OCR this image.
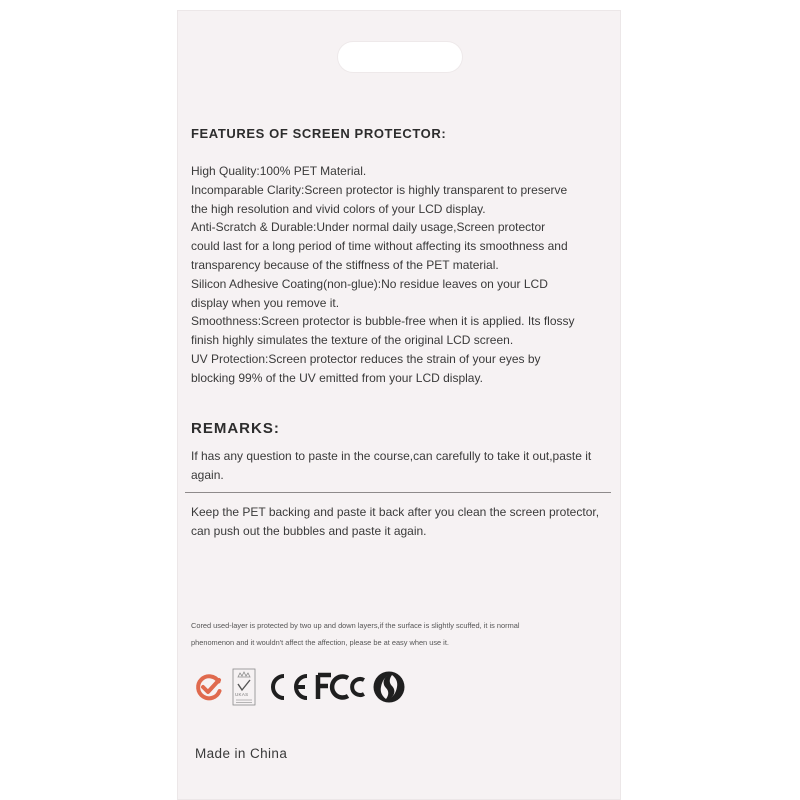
FEATURES OF SCREEN PROTECTOR:
High Quality:100% PET Material.
Incomparable Clarity:Screen protector is highly transparent to preserve
the high resolution and vivid colors of your LCD display.
Anti-Scratch & Durable:Under normal daily usage,Screen protector
could last for a long period of time without affecting its smoothness and
transparency because of the stiffness of the PET material.
Silicon Adhesive Coating(non-glue):No residue leaves on your LCD
display when you remove it.
Smoothness:Screen protector is bubble-free when it is applied. Its flossy
finish highly simulates the texture of the original LCD screen.
UV Protection:Screen protector reduces the strain of your eyes by
blocking 99% of the UV emitted from your LCD display.
REMARKS:
If has any question to paste in the course,can carefully to take it out,paste it
again.
Keep the PET backing and paste it back after you clean the screen protector,
can push out the bubbles and paste it again.
Cored used-layer is protected by two up and down layers,if the surface is slightly scuffed, it is normal
phenomenon and it wouldn't affect the affection, please be at easy when use it.
UKAS
Made in China
